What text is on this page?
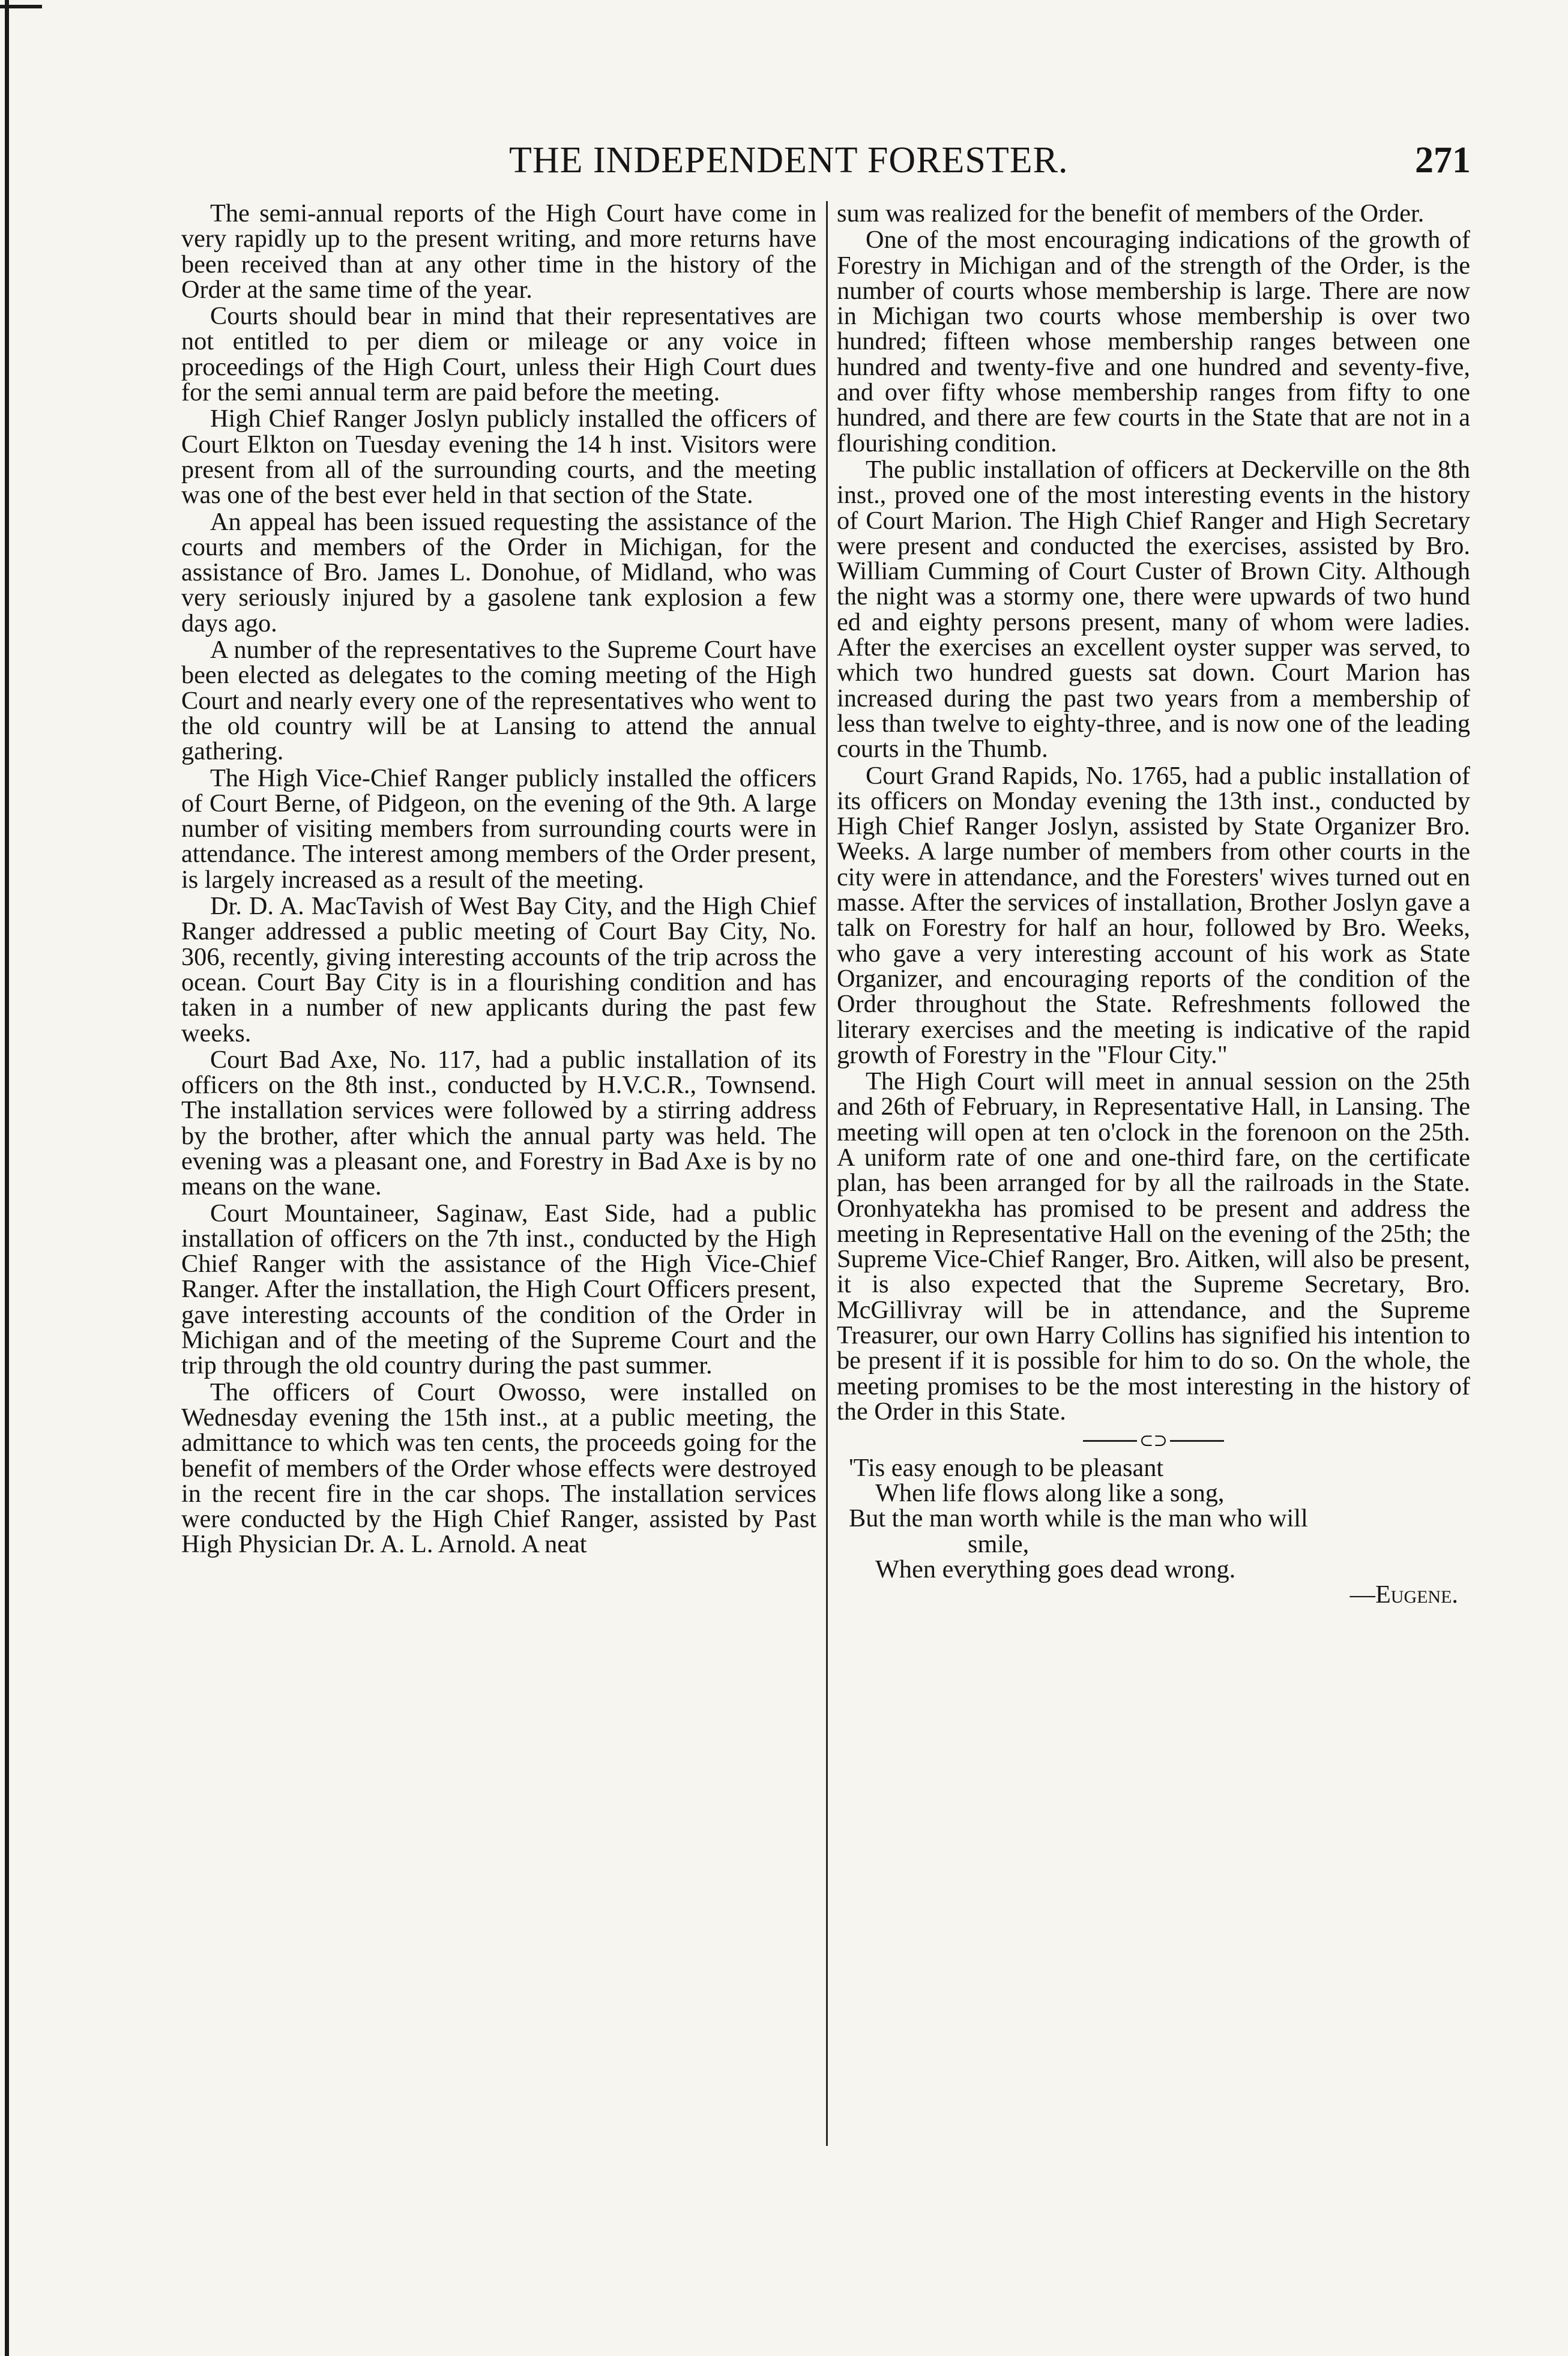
THE INDEPENDENT FORESTER.	271

The semi-annual reports of the High Court have come in very rapidly up to the present writing, and more returns have been received than at any other time in the history of the Order at the same time of the year.

Courts should bear in mind that their representatives are not entitled to per diem or mileage or any voice in proceedings of the High Court, unless their High Court dues for the semi annual term are paid before the meeting.

High Chief Ranger Joslyn publicly installed the officers of Court Elkton on Tuesday evening the 14 h inst. Visitors were present from all of the surrounding courts, and the meeting was one of the best ever held in that section of the State.

An appeal has been issued requesting the assistance of the courts and members of the Order in Michigan, for the assistance of Bro. James L. Donohue, of Midland, who was very seriously injured by a gasolene tank explosion a few days ago.

A number of the representatives to the Supreme Court have been elected as delegates to the coming meeting of the High Court and nearly every one of the representatives who went to the old country will be at Lansing to attend the annual gathering.

The High Vice-Chief Ranger publicly installed the officers of Court Berne, of Pidgeon, on the evening of the 9th. A large number of visiting members from surrounding courts were in attendance. The interest among members of the Order present, is largely increased as a result of the meeting.

Dr. D. A. MacTavish of West Bay City, and the High Chief Ranger addressed a public meeting of Court Bay City, No. 306, recently, giving interesting accounts of the trip across the ocean. Court Bay City is in a flourishing condition and has taken in a number of new applicants during the past few weeks.

Court Bad Axe, No. 117, had a public installation of its officers on the 8th inst., conducted by H.V.C.R., Townsend. The installation services were followed by a stirring address by the brother, after which the annual party was held. The evening was a pleasant one, and Forestry in Bad Axe is by no means on the wane.

Court Mountaineer, Saginaw, East Side, had a public installation of officers on the 7th inst., conducted by the High Chief Ranger with the assistance of the High Vice-Chief Ranger. After the installation, the High Court Officers present, gave interesting accounts of the condition of the Order in Michigan and of the meeting of the Supreme Court and the trip through the old country during the past summer.

The officers of Court Owosso, were installed on Wednesday evening the 15th inst., at a public meeting, the admittance to which was ten cents, the proceeds going for the benefit of members of the Order whose effects were destroyed in the recent fire in the car shops. The installation services were conducted by the High Chief Ranger, assisted by Past High Physician Dr. A. L. Arnold. A neat

sum was realized for the benefit of members of the Order.

One of the most encouraging indications of the growth of Forestry in Michigan and of the strength of the Order, is the number of courts whose membership is large. There are now in Michigan two courts whose membership is over two hundred; fifteen whose membership ranges between one hundred and twenty-five and one hundred and seventy-five, and over fifty whose membership ranges from fifty to one hundred, and there are few courts in the State that are not in a flourishing condition.

The public installation of officers at Deckerville on the 8th inst., proved one of the most interesting events in the history of Court Marion. The High Chief Ranger and High Secretary were present and conducted the exercises, assisted by Bro. William Cumming of Court Custer of Brown City. Although the night was a stormy one, there were upwards of two hund ed and eighty persons present, many of whom were ladies. After the exercises an excellent oyster supper was served, to which two hundred guests sat down. Court Marion has increased during the past two years from a membership of less than twelve to eighty-three, and is now one of the leading courts in the Thumb.

Court Grand Rapids, No. 1765, had a public installation of its officers on Monday evening the 13th inst., conducted by High Chief Ranger Joslyn, assisted by State Organizer Bro. Weeks. A large number of members from other courts in the city were in attendance, and the Foresters' wives turned out en masse. After the services of installation, Brother Joslyn gave a talk on Forestry for half an hour, followed by Bro. Weeks, who gave a very interesting account of his work as State Organizer, and encouraging reports of the condition of the Order throughout the State. Refreshments followed the literary exercises and the meeting is indicative of the rapid growth of Forestry in the "Flour City."

The High Court will meet in annual session on the 25th and 26th of February, in Representative Hall, in Lansing. The meeting will open at ten o'clock in the forenoon on the 25th. A uniform rate of one and one-third fare, on the certificate plan, has been arranged for by all the railroads in the State. Oronhyatekha has promised to be present and address the meeting in Representative Hall on the evening of the 25th; the Supreme Vice-Chief Ranger, Bro. Aitken, will also be present, it is also expected that the Supreme Secretary, Bro. McGillivray will be in attendance, and the Supreme Treasurer, our own Harry Collins has signified his intention to be present if it is possible for him to do so. On the whole, the meeting promises to be the most interesting in the history of the Order in this State.

⊂⊃
'Tis easy enough to be pleasant
When life flows along like a song,
But the man worth while is the man who will
smile,
When everything goes dead wrong.
—Eugene.
